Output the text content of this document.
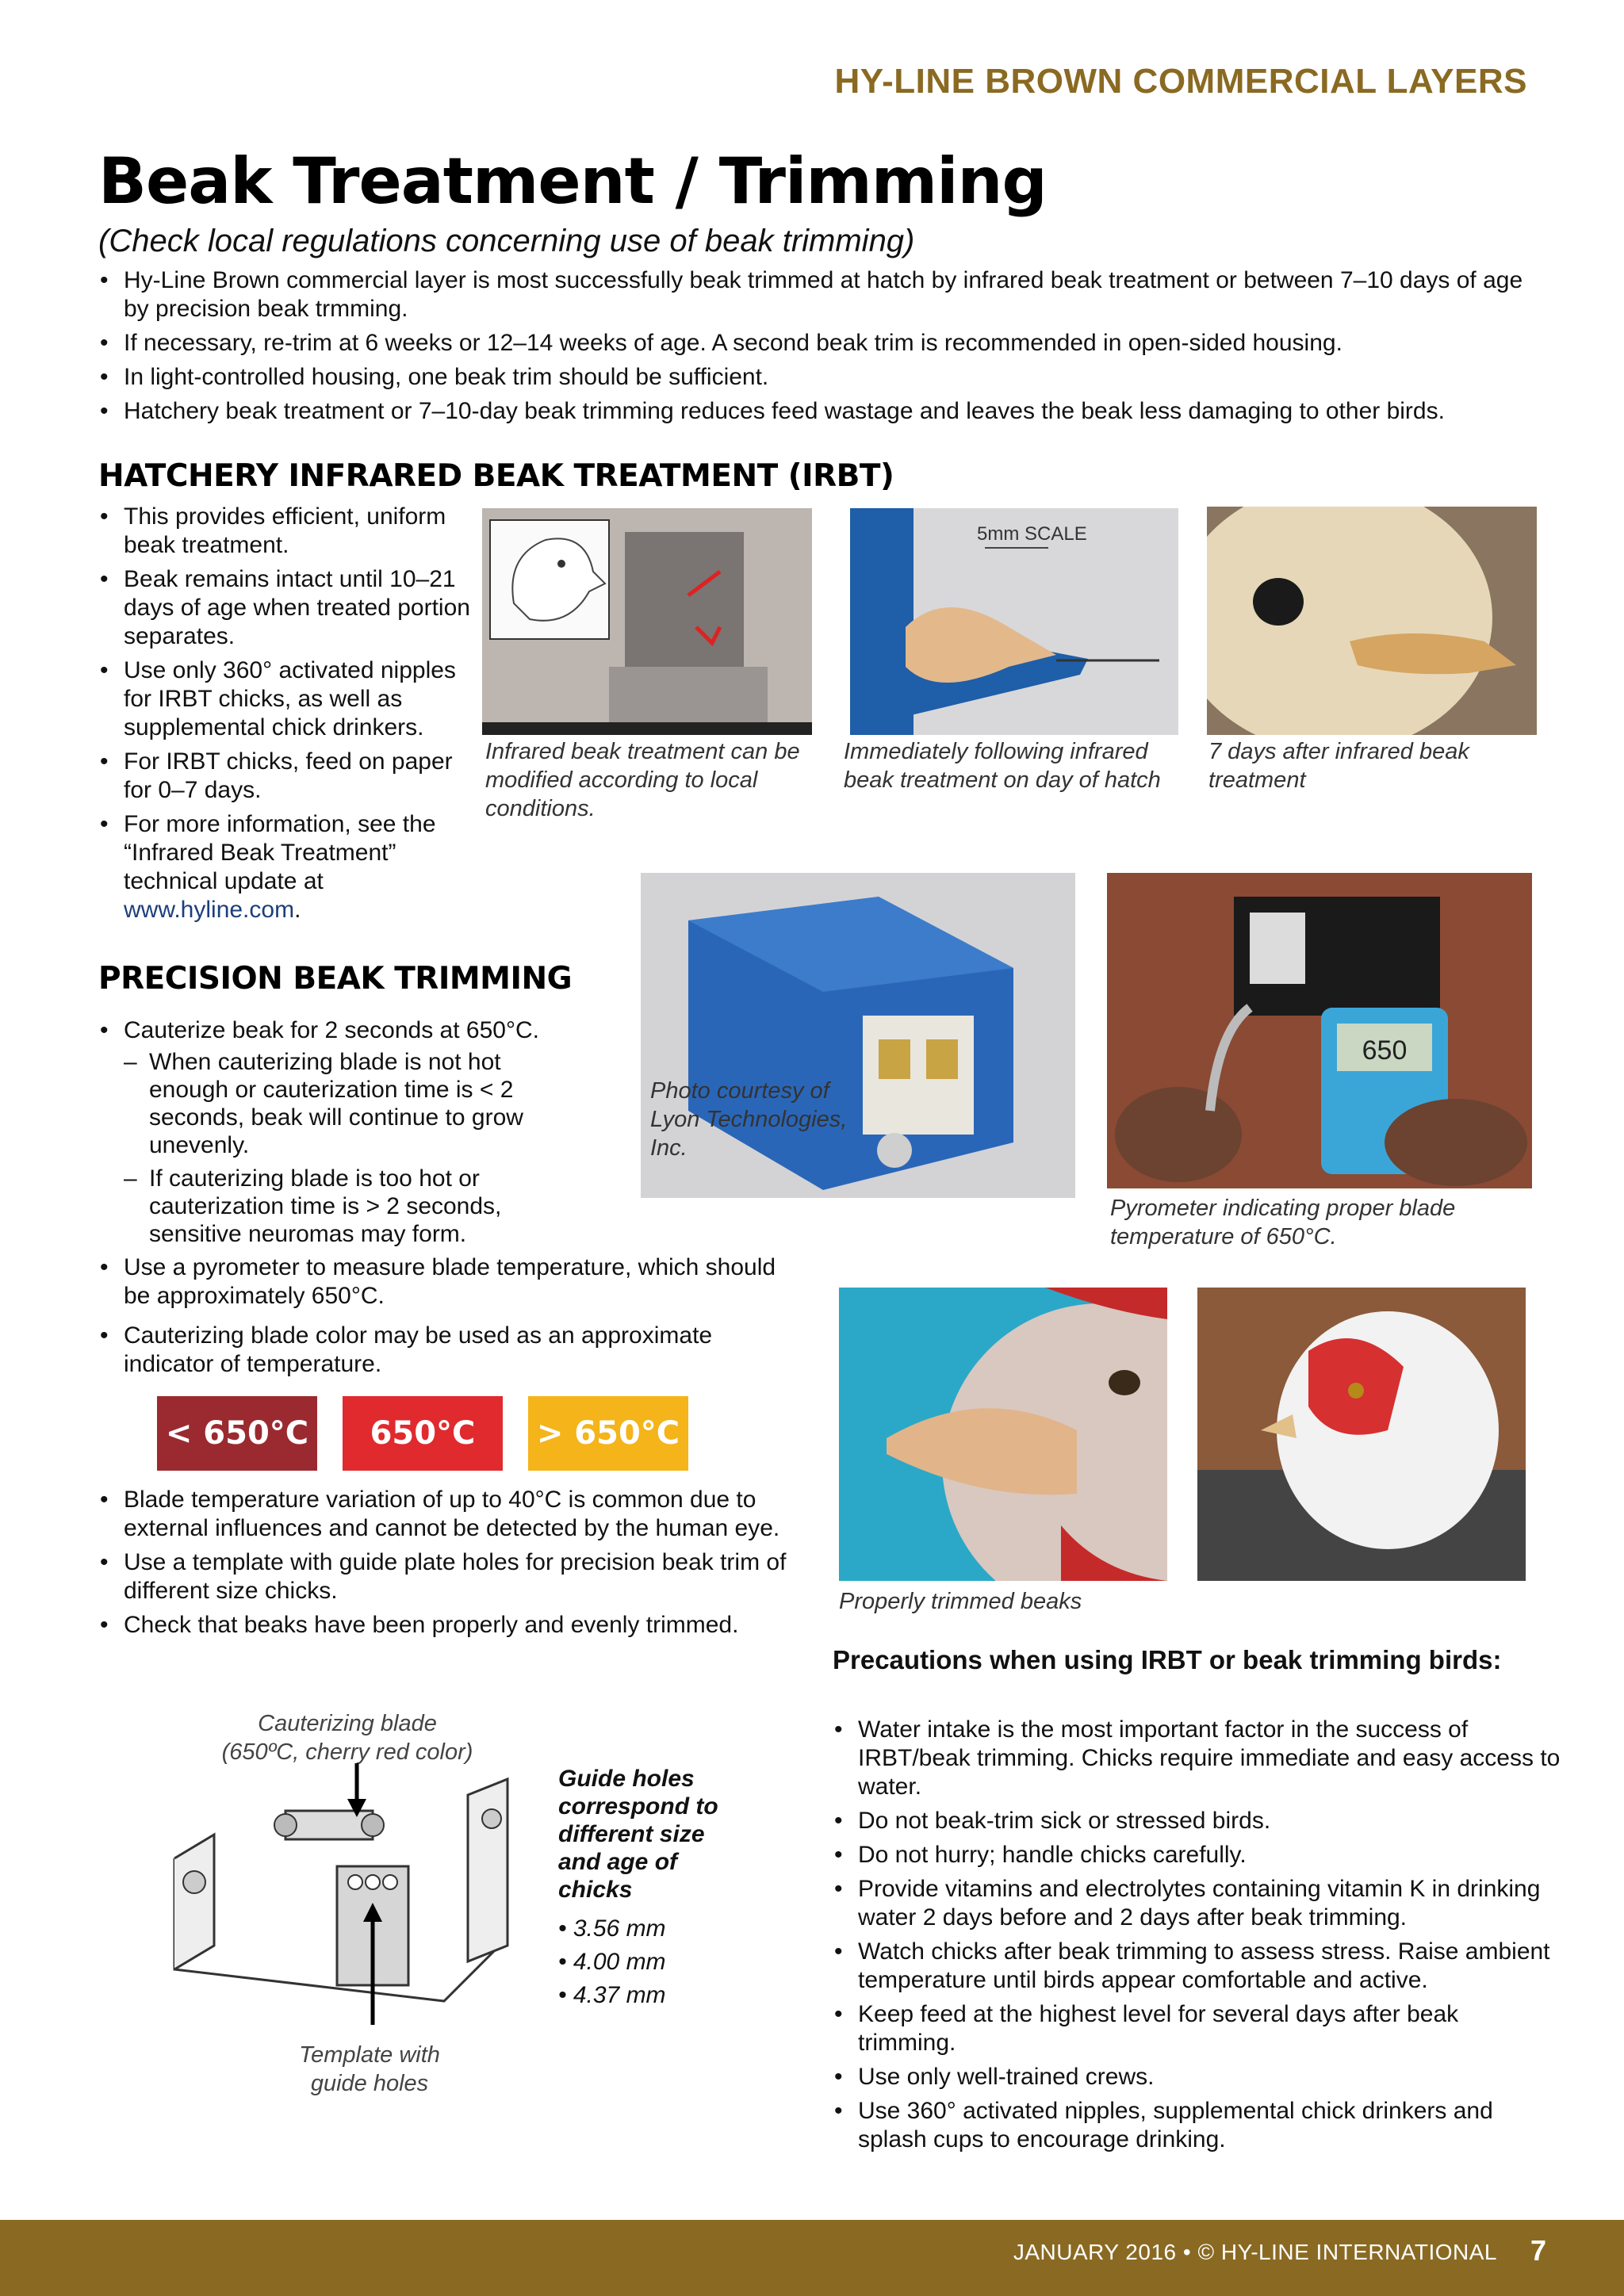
HY-LINE BROWN COMMERCIAL LAYERS
Beak Treatment / Trimming
(Check local regulations concerning use of beak trimming)
• Hy-Line Brown commercial layer is most successfully beak trimmed at hatch by infrared beak treatment or between 7–10 days of age by precision beak trmming.
• If necessary, re-trim at 6 weeks or 12–14 weeks of age. A second beak trim is recommended in open-sided housing.
• In light-controlled housing, one beak trim should be sufficient.
• Hatchery beak treatment or 7–10-day beak trimming reduces feed wastage and leaves the beak less damaging to other birds.
HATCHERY INFRARED BEAK TREATMENT (IRBT)
• This provides efficient, uniform beak treatment.
• Beak remains intact until 10–21 days of age when treated portion separates.
• Use only 360° activated nipples for IRBT chicks, as well as supplemental chick drinkers.
• For IRBT chicks, feed on paper for 0–7 days.
• For more information, see the “Infrared Beak Treatment” technical update at www.hyline.com.
Infrared beak treatment can be modified according to local conditions.
5mm SCALE
Immediately following infrared beak treatment on day of hatch
7 days after infrared beak treatment
PRECISION BEAK TRIMMING
• Cauterize beak for 2 seconds at 650°C.
– When cauterizing blade is not hot enough or cauterization time is < 2 seconds, beak will continue to grow unevenly.
– If cauterizing blade is too hot or cauterization time is > 2 seconds, sensitive neuromas may form.
• Use a pyrometer to measure blade temperature, which should be approximately 650°C.
• Cauterizing blade color may be used as an approximate indicator of temperature.
< 650°C	650°C	> 650°C
• Blade temperature variation of up to 40°C is common due to external influences and cannot be detected by the human eye.
• Use a template with guide plate holes for precision beak trim of different size chicks.
• Check that beaks have been properly and evenly trimmed.
Photo courtesy of Lyon Technologies, Inc.
650
Pyrometer indicating proper blade temperature of 650°C.
Properly trimmed beaks
Cauterizing blade
(650ºC, cherry red color)
Template with
guide holes
Guide holes correspond to different size and age of chicks
• 3.56 mm
• 4.00 mm
• 4.37 mm
Precautions when using IRBT or beak trimming birds:
• Water intake is the most important factor in the success of IRBT/beak trimming. Chicks require immediate and easy access to water.
• Do not beak-trim sick or stressed birds.
• Do not hurry; handle chicks carefully.
• Provide vitamins and electrolytes containing vitamin K in drinking water 2 days before and 2 days after beak trimming.
• Watch chicks after beak trimming to assess stress. Raise ambient temperature until birds appear comfortable and active.
• Keep feed at the highest level for several days after beak trimming.
• Use only well-trained crews.
• Use 360° activated nipples, supplemental chick drinkers and splash cups to encourage drinking.
JANUARY 2016 • © HY-LINE INTERNATIONAL 7
